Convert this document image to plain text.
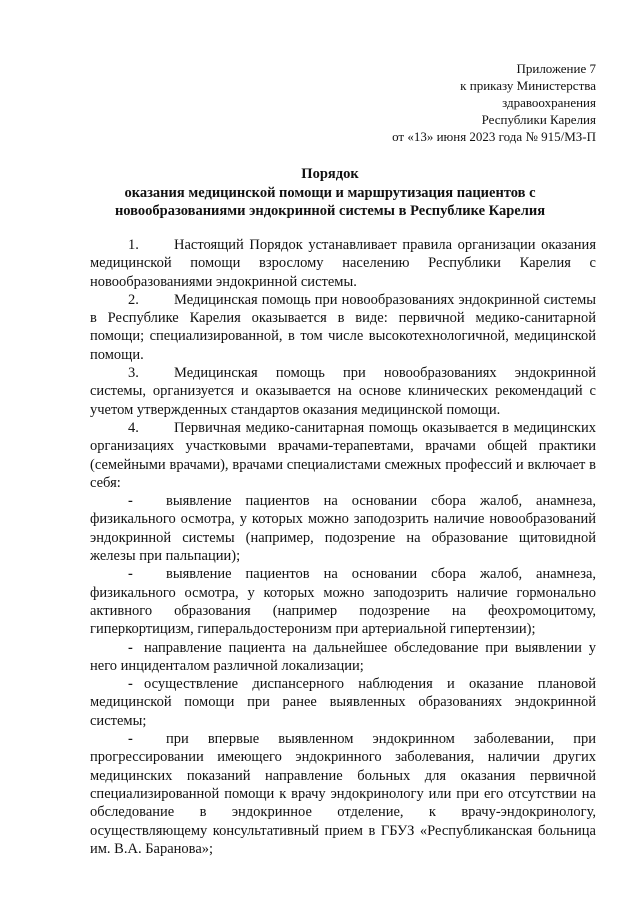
Приложение 7
к приказу Министерства
здравоохранения
Республики Карелия
от «13» июня 2023 года № 915/МЗ-П
Порядок
оказания медицинской помощи и маршрутизация пациентов с
новообразованиями эндокринной системы в Республике Карелия

1. Настоящий Порядок устанавливает правила организации оказания медицинской помощи взрослому населению Республики Карелия с новообразованиями эндокринной системы.

2. Медицинская помощь при новообразованиях эндокринной системы в Республике Карелия оказывается в виде: первичной медико-санитарной помощи; специализированной, в том числе высокотехнологичной, медицинской помощи.

3. Медицинская помощь при новообразованиях эндокринной системы, организуется и оказывается на основе клинических рекомендаций с учетом утвержденных стандартов оказания медицинской помощи.

4. Первичная медико-санитарная помощь оказывается в медицинских организациях участковыми врачами-терапевтами, врачами общей практики (семейными врачами), врачами специалистами смежных профессий и включает в себя:

- выявление пациентов на основании сбора жалоб, анамнеза, физикального осмотра, у которых можно заподозрить наличие новообразований эндокринной системы (например, подозрение на образование щитовидной железы при пальпации);

- выявление пациентов на основании сбора жалоб, анамнеза, физикального осмотра, у которых можно заподозрить наличие гормонально активного образования (например подозрение на феохромоцитому, гиперкортицизм, гиперальдостеронизм при артериальной гипертензии);

- направление пациента на дальнейшее обследование при выявлении у него инциденталом различной локализации;

- осуществление диспансерного наблюдения и оказание плановой медицинской помощи при ранее выявленных образованиях эндокринной системы;

- при впервые выявленном эндокринном заболевании, при прогрессировании имеющего эндокринного заболевания, наличии других медицинских показаний направление больных для оказания первичной специализированной помощи к врачу эндокринологу или при его отсутствии на обследование в эндокринное отделение, к врачу-эндокринологу, осуществляющему консультативный прием в ГБУЗ «Республиканская больница им. В.А. Баранова»;
